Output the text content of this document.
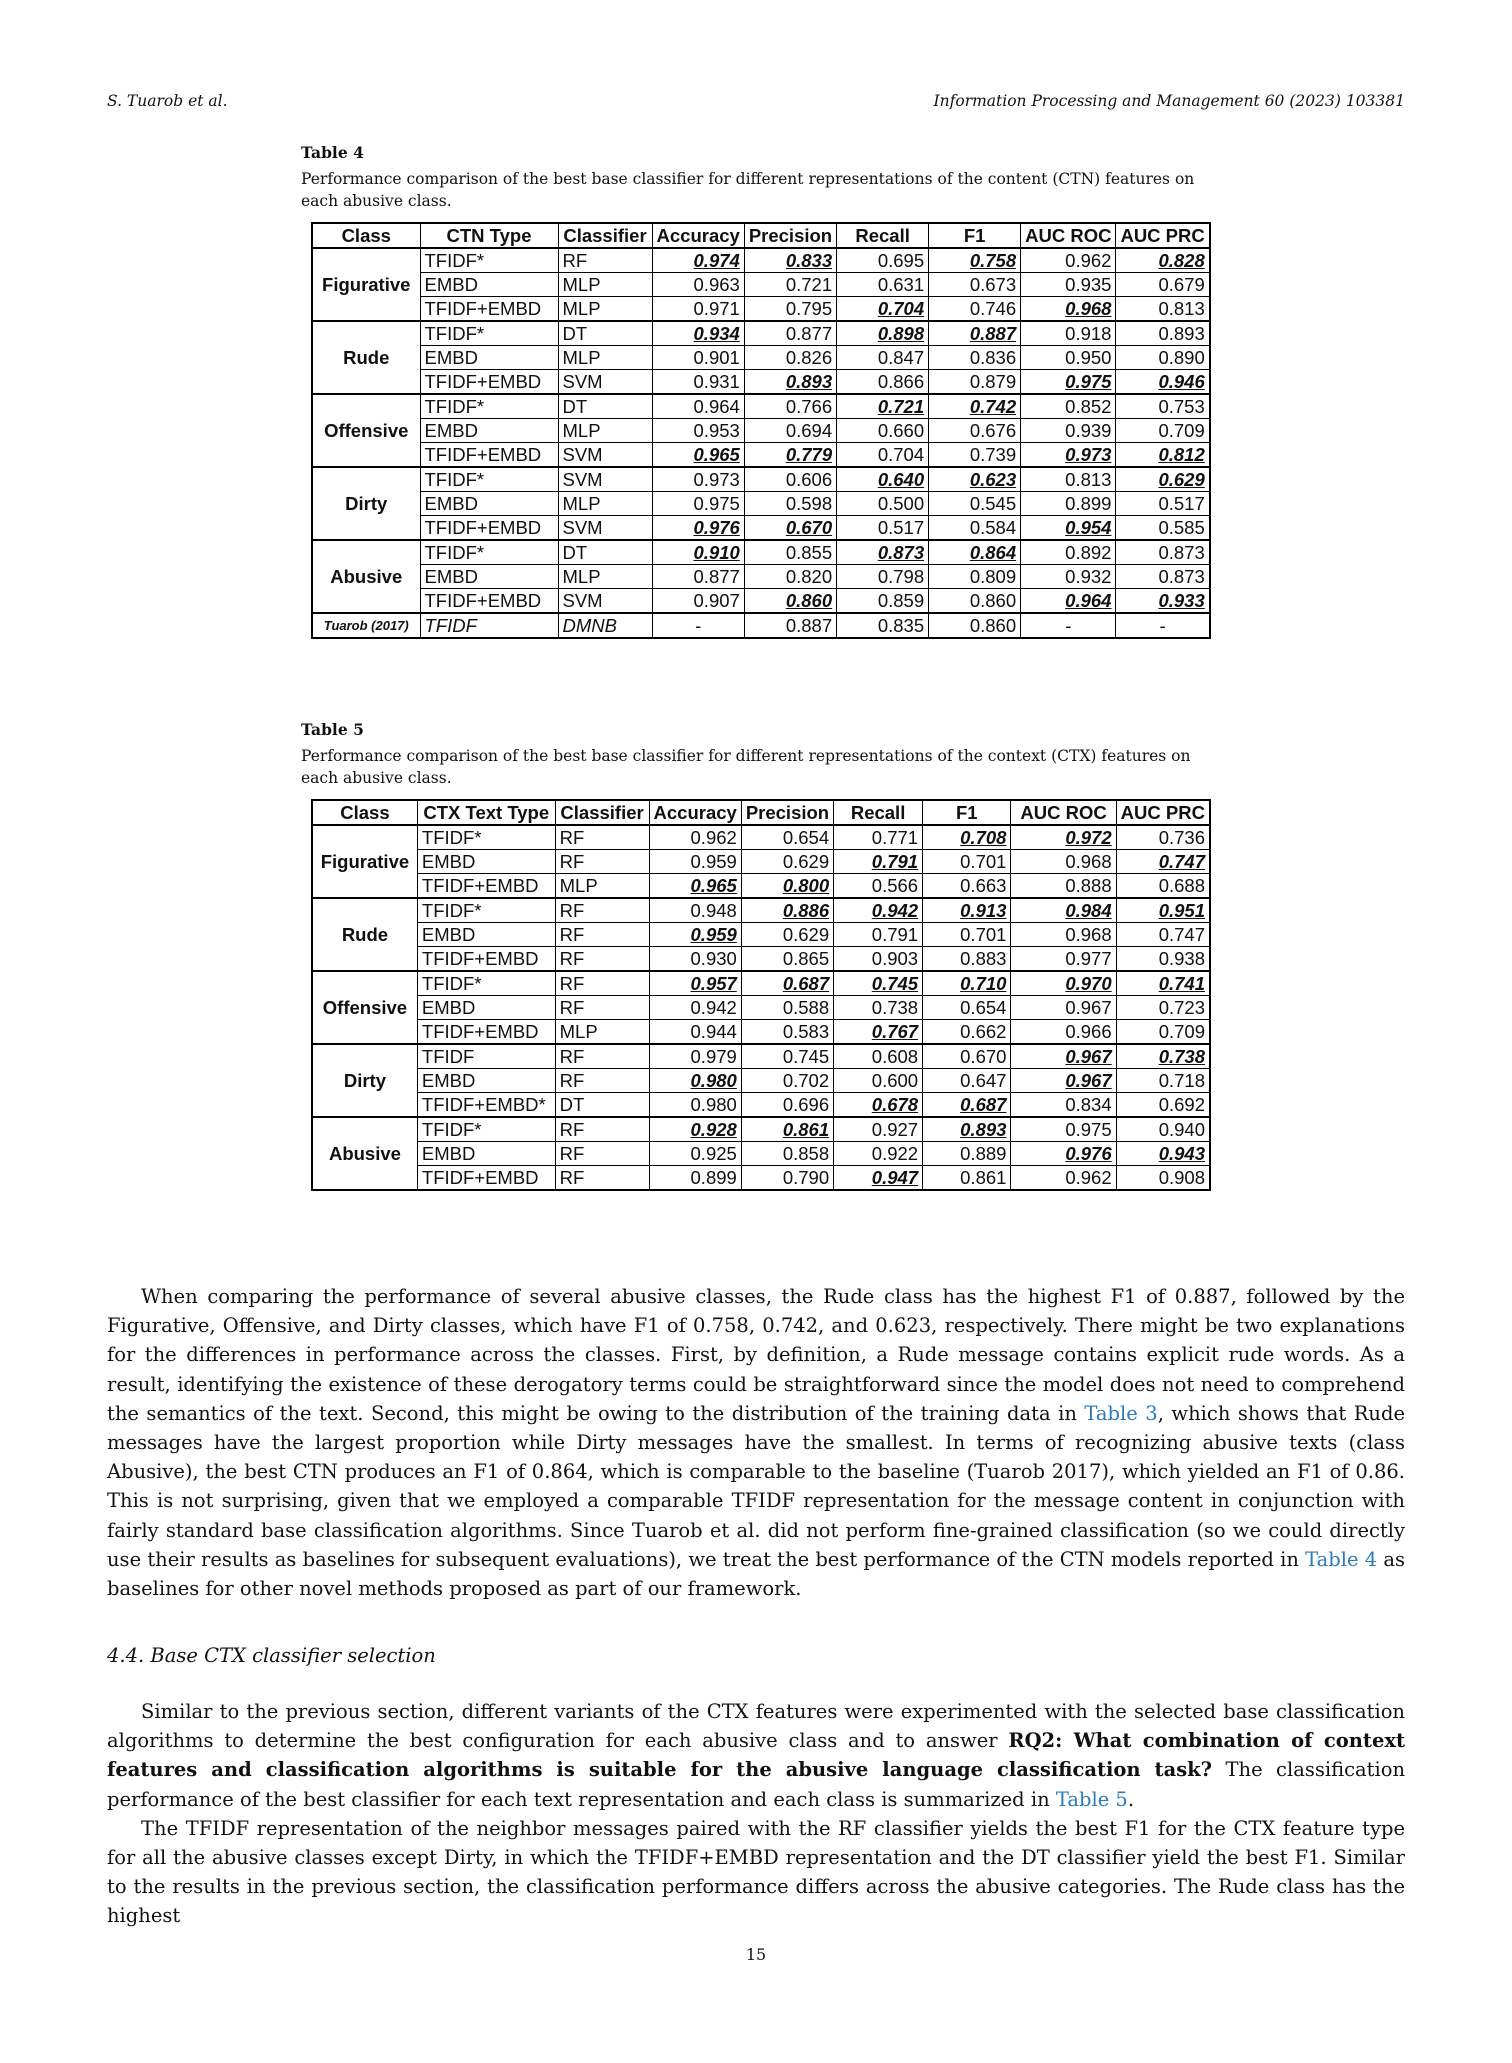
S. Tuarob et al.	Information Processing and Management 60 (2023) 103381
Table 4
Performance comparison of the best base classifier for different representations of the content (CTN) features on each abusive class.
Class	CTN Type	Classifier	Accuracy	Precision	Recall	F1	AUC ROC	AUC PRC
Figurative	TFIDF*	RF	0.974	0.833	0.695	0.758	0.962	0.828
	EMBD	MLP	0.963	0.721	0.631	0.673	0.935	0.679
	TFIDF+EMBD	MLP	0.971	0.795	0.704	0.746	0.968	0.813
Rude	TFIDF*	DT	0.934	0.877	0.898	0.887	0.918	0.893
	EMBD	MLP	0.901	0.826	0.847	0.836	0.950	0.890
	TFIDF+EMBD	SVM	0.931	0.893	0.866	0.879	0.975	0.946
Offensive	TFIDF*	DT	0.964	0.766	0.721	0.742	0.852	0.753
	EMBD	MLP	0.953	0.694	0.660	0.676	0.939	0.709
	TFIDF+EMBD	SVM	0.965	0.779	0.704	0.739	0.973	0.812
Dirty	TFIDF*	SVM	0.973	0.606	0.640	0.623	0.813	0.629
	EMBD	MLP	0.975	0.598	0.500	0.545	0.899	0.517
	TFIDF+EMBD	SVM	0.976	0.670	0.517	0.584	0.954	0.585
Abusive	TFIDF*	DT	0.910	0.855	0.873	0.864	0.892	0.873
	EMBD	MLP	0.877	0.820	0.798	0.809	0.932	0.873
	TFIDF+EMBD	SVM	0.907	0.860	0.859	0.860	0.964	0.933
Tuarob (2017)	TFIDF	DMNB	-	0.887	0.835	0.860	-	-
Table 5
Performance comparison of the best base classifier for different representations of the context (CTX) features on each abusive class.
Class	CTX Text Type	Classifier	Accuracy	Precision	Recall	F1	AUC ROC	AUC PRC
Figurative	TFIDF*	RF	0.962	0.654	0.771	0.708	0.972	0.736
	EMBD	RF	0.959	0.629	0.791	0.701	0.968	0.747
	TFIDF+EMBD	MLP	0.965	0.800	0.566	0.663	0.888	0.688
Rude	TFIDF*	RF	0.948	0.886	0.942	0.913	0.984	0.951
	EMBD	RF	0.959	0.629	0.791	0.701	0.968	0.747
	TFIDF+EMBD	RF	0.930	0.865	0.903	0.883	0.977	0.938
Offensive	TFIDF*	RF	0.957	0.687	0.745	0.710	0.970	0.741
	EMBD	RF	0.942	0.588	0.738	0.654	0.967	0.723
	TFIDF+EMBD	MLP	0.944	0.583	0.767	0.662	0.966	0.709
Dirty	TFIDF	RF	0.979	0.745	0.608	0.670	0.967	0.738
	EMBD	RF	0.980	0.702	0.600	0.647	0.967	0.718
	TFIDF+EMBD*	DT	0.980	0.696	0.678	0.687	0.834	0.692
Abusive	TFIDF*	RF	0.928	0.861	0.927	0.893	0.975	0.940
	EMBD	RF	0.925	0.858	0.922	0.889	0.976	0.943
	TFIDF+EMBD	RF	0.899	0.790	0.947	0.861	0.962	0.908

When comparing the performance of several abusive classes, the Rude class has the highest F1 of 0.887, followed by the Figurative, Offensive, and Dirty classes, which have F1 of 0.758, 0.742, and 0.623, respectively. There might be two explanations for the differences in performance across the classes. First, by definition, a Rude message contains explicit rude words. As a result, identifying the existence of these derogatory terms could be straightforward since the model does not need to comprehend the semantics of the text. Second, this might be owing to the distribution of the training data in Table 3, which shows that Rude messages have the largest proportion while Dirty messages have the smallest. In terms of recognizing abusive texts (class Abusive), the best CTN produces an F1 of 0.864, which is comparable to the baseline (Tuarob 2017), which yielded an F1 of 0.86. This is not surprising, given that we employed a comparable TFIDF representation for the message content in conjunction with fairly standard base classification algorithms. Since Tuarob et al. did not perform fine-grained classification (so we could directly use their results as baselines for subsequent evaluations), we treat the best performance of the CTN models reported in Table 4 as baselines for other novel methods proposed as part of our framework.

4.4. Base CTX classifier selection

Similar to the previous section, different variants of the CTX features were experimented with the selected base classification algorithms to determine the best configuration for each abusive class and to answer RQ2: What combination of context features and classification algorithms is suitable for the abusive language classification task? The classification performance of the best classifier for each text representation and each class is summarized in Table 5.

The TFIDF representation of the neighbor messages paired with the RF classifier yields the best F1 for the CTX feature type for all the abusive classes except Dirty, in which the TFIDF+EMBD representation and the DT classifier yield the best F1. Similar to the results in the previous section, the classification performance differs across the abusive categories. The Rude class has the highest

15
